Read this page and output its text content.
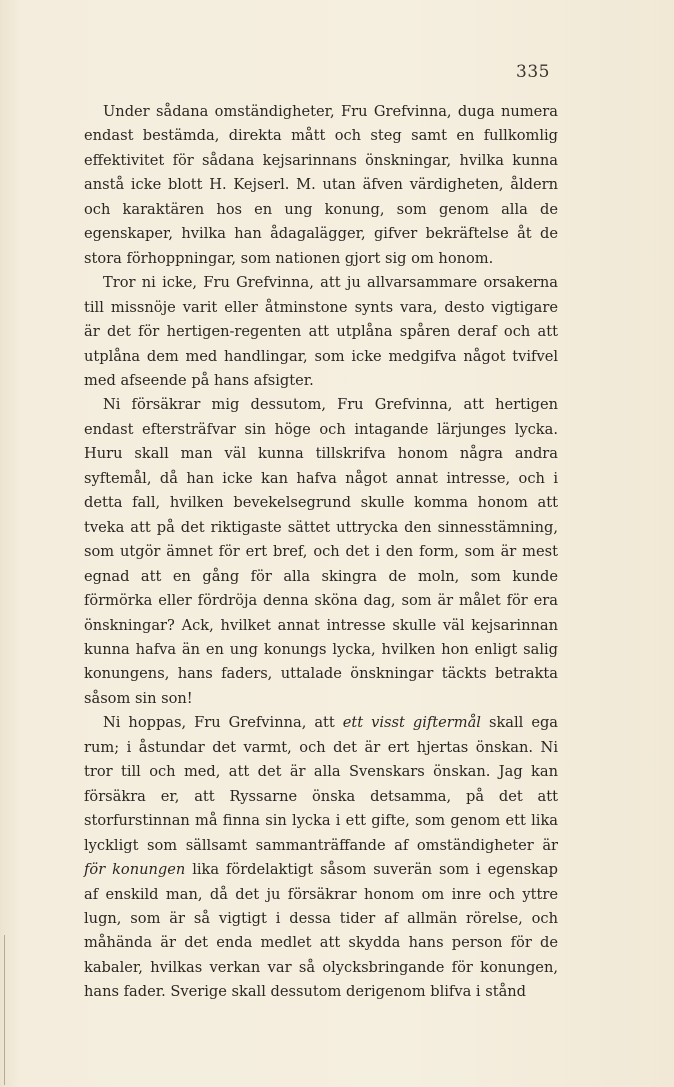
335

Under sådana omständigheter, Fru Grefvinna, duga numera endast bestämda, direkta mått och steg samt en fullkomlig effektivitet för sådana kejsarinnans önskningar, hvilka kunna anstå icke blott H. Kejserl. M. utan äfven värdigheten, åldern och karaktären hos en ung konung, som genom alla de egenskaper, hvilka han ådagalägger, gifver bekräftelse åt de stora förhoppningar, som nationen gjort sig om honom.

Tror ni icke, Fru Grefvinna, att ju allvarsammare orsakerna till missnöje varit eller åtminstone synts vara, desto vigtigare är det för hertigen-regenten att utplåna spåren deraf och att utplåna dem med handlingar, som icke medgifva något tvifvel med afseende på hans afsigter.

Ni försäkrar mig dessutom, Fru Grefvinna, att hertigen endast eftersträfvar sin höge och intagande lärjunges lycka. Huru skall man väl kunna tillskrifva honom några andra syftemål, då han icke kan hafva något annat intresse, och i detta fall, hvilken bevekelsegrund skulle komma honom att tveka att på det riktigaste sättet uttrycka den sinnesstämning, som utgör ämnet för ert bref, och det i den form, som är mest egnad att en gång för alla skingra de moln, som kunde förmörka eller fördröja denna sköna dag, som är målet för era önskningar? Ack, hvilket annat intresse skulle väl kejsarinnan kunna hafva än en ung konungs lycka, hvilken hon enligt salig konungens, hans faders, uttalade önskningar täckts betrakta såsom sin son!

Ni hoppas, Fru Grefvinna, att ett visst giftermål skall ega rum; i åstundar det varmt, och det är ert hjertas önskan. Ni tror till och med, att det är alla Svenskars önskan. Jag kan försäkra er, att Ryssarne önska detsamma, på det att storfurstinnan må finna sin lycka i ett gifte, som genom ett lika lyckligt som sällsamt sammanträffande af omständigheter är för konungen lika fördelaktigt såsom suverän som i egenskap af enskild man, då det ju försäkrar honom om inre och yttre lugn, som är så vigtigt i dessa tider af allmän rörelse, och måhända är det enda medlet att skydda hans person för de kabaler, hvilkas verkan var så olycksbringande för konungen, hans fader. Sverige skall dessutom derigenom blifva i stånd
